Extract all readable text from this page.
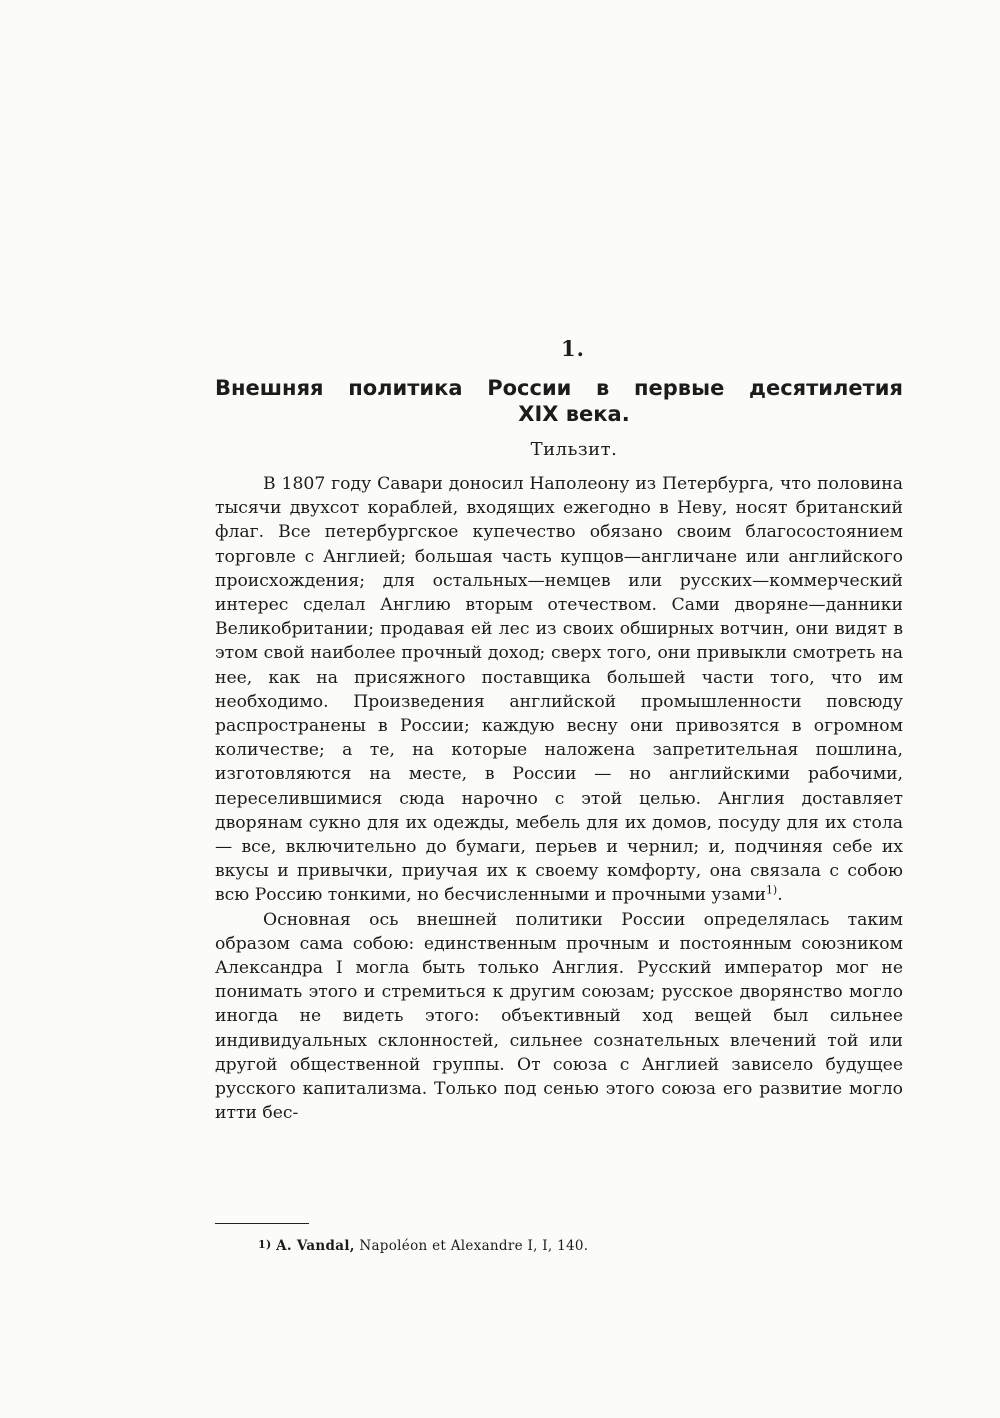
1.
Внешняя политика России в первые десятилетия
XIX века.
Тильзит.

В 1807 году Савари доносил Наполеону из Петербурга, что половина тысячи двухсот кораблей, входящих ежегодно в Неву, носят британский флаг. Все петербургское купечество обязано своим благосостоянием торговле с Англией; большая часть купцов—англичане или английского происхождения; для остальных—немцев или русских—коммерческий интерес сделал Англию вторым отечеством. Сами дворяне—данники Великобритании; продавая ей лес из своих обширных вотчин, они видят в этом свой наиболее прочный доход; сверх того, они привыкли смотреть на нее, как на присяжного поставщика большей части того, что им необходимо. Произведения английской промышленности повсюду распространены в России; каждую весну они привозятся в огромном количестве; а те, на которые наложена запретительная пошлина, изготовляются на месте, в России — но английскими рабочими, переселившимися сюда нарочно с этой целью. Англия доставляет дворянам сукно для их одежды, мебель для их домов, посуду для их стола — все, включительно до бумаги, перьев и чернил; и, подчиняя себе их вкусы и привычки, приучая их к своему комфорту, она связала с собою всю Россию тонкими, но бесчисленными и прочными узами$^{1)}$.

Основная ось внешней политики России определялась таким образом сама собою: единственным прочным и постоянным союзником Александра I могла быть только Англия. Русский император мог не понимать этого и стремиться к другим союзам; русское дворянство могло иногда не видеть этого: объективный ход вещей был сильнее индивидуальных склонностей, сильнее сознательных влечений той или другой общественной группы. От союза с Англией зависело будущее русского капитализма. Только под сенью этого союза его развитие могло итти бес-

1) A. Vandal, Napoléon et Alexandre I, I, 140.
